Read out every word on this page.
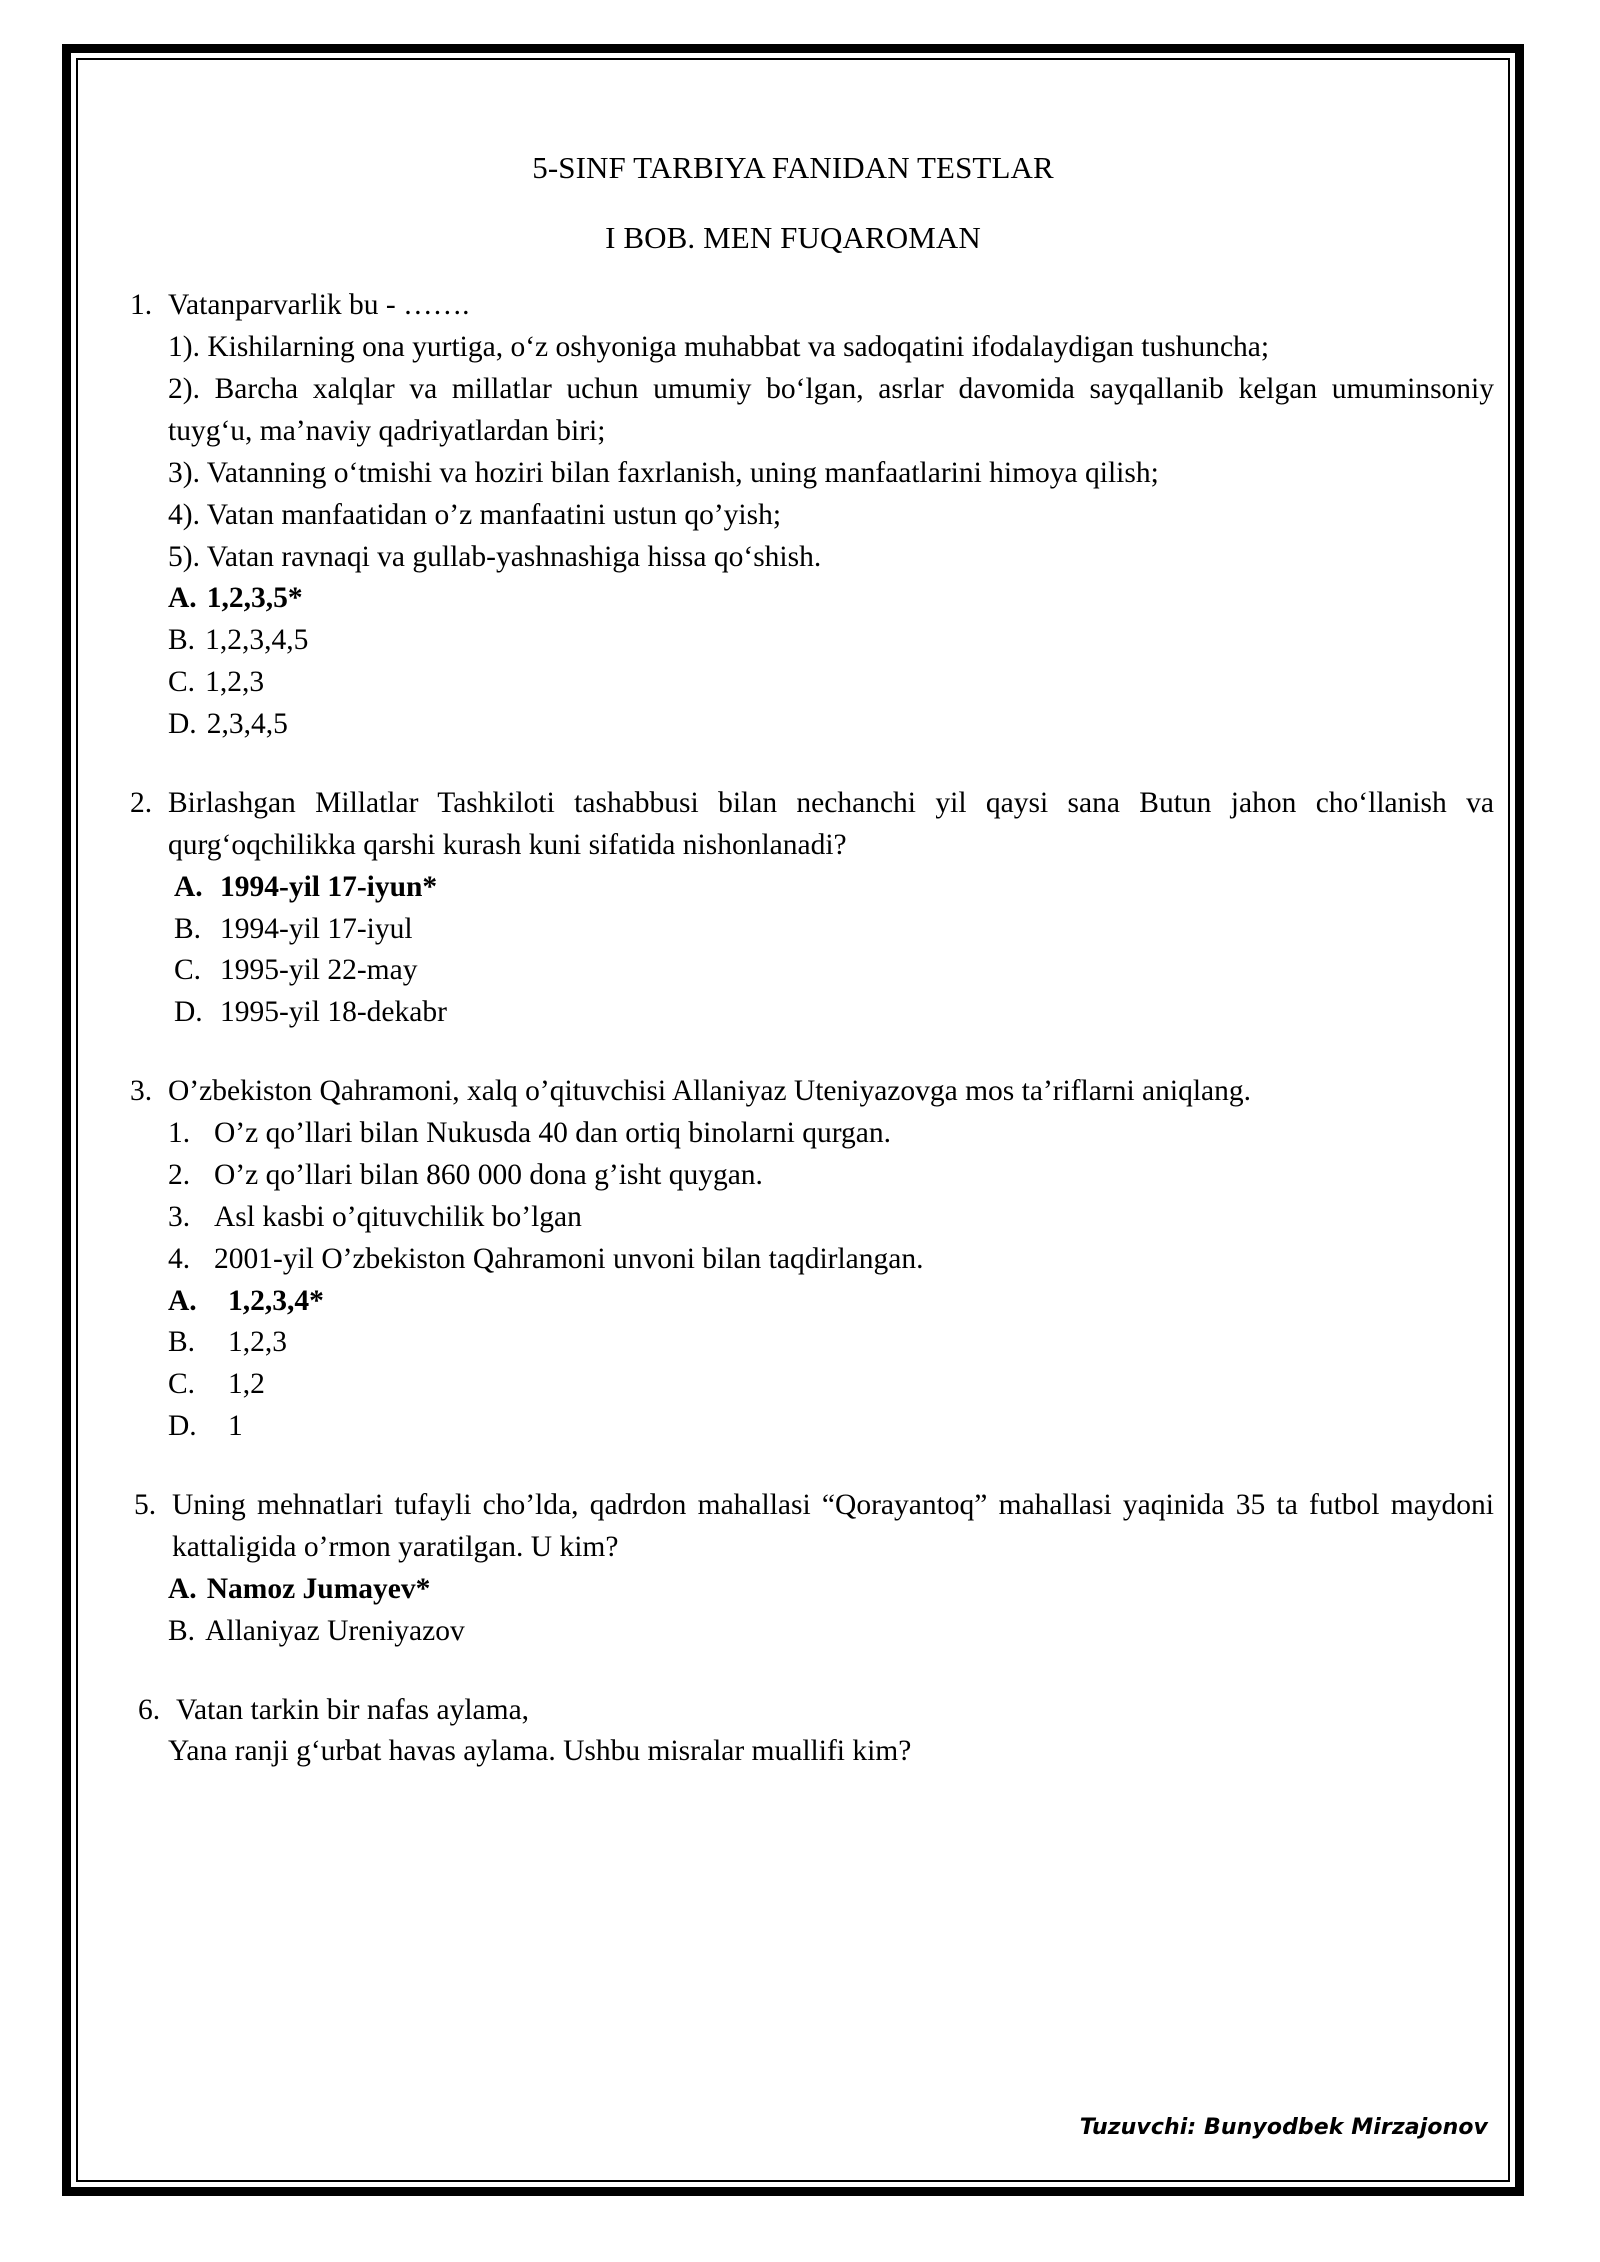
5-SINF TARBIYA FANIDAN TESTLAR
I BOB. MEN FUQAROMAN
1. Vatanparvarlik bu - …….
1). Kishilarning ona yurtiga, o‘z oshyoniga muhabbat va sadoqatini ifodalaydigan tushuncha;
2). Barcha xalqlar va millatlar uchun umumiy bo‘lgan, asrlar davomida sayqallanib kelgan umuminsoniy tuyg‘u, ma’naviy qadriyatlardan biri;
3). Vatanning o‘tmishi va hoziri bilan faxrlanish, uning manfaatlarini himoya qilish;
4). Vatan manfaatidan o’z manfaatini ustun qo’yish;
5). Vatan ravnaqi va gullab-yashnashiga hissa qo‘shish.
A. 1,2,3,5*
B. 1,2,3,4,5
C. 1,2,3
D. 2,3,4,5
2. Birlashgan Millatlar Tashkiloti tashabbusi bilan nechanchi yil qaysi sana Butun jahon cho‘llanish va qurg‘oqchilikka qarshi kurash kuni sifatida nishonlanadi?
A. 1994-yil 17-iyun*
B. 1994-yil 17-iyul
C. 1995-yil 22-may
D. 1995-yil 18-dekabr
3. O’zbekiston Qahramoni, xalq o’qituvchisi Allaniyaz Uteniyazovga mos ta’riflarni aniqlang.
1. O’z qo’llari bilan Nukusda 40 dan ortiq binolarni qurgan.
2. O’z qo’llari bilan 860 000 dona g’isht quygan.
3. Asl kasbi o’qituvchilik bo’lgan
4. 2001-yil O’zbekiston Qahramoni unvoni bilan taqdirlangan.
A. 1,2,3,4*
B. 1,2,3
C. 1,2
D. 1
5. Uning mehnatlari tufayli cho’lda, qadrdon mahallasi “Qorayantoq” mahallasi yaqinida 35 ta futbol maydoni kattaligida o’rmon yaratilgan. U kim?
A. Namoz Jumayev*
B. Allaniyaz Ureniyazov
6. Vatan tarkin bir nafas aylama,
Yana ranji g‘urbat havas aylama. Ushbu misralar muallifi kim?
Tuzuvchi: Bunyodbek Mirzajonov
